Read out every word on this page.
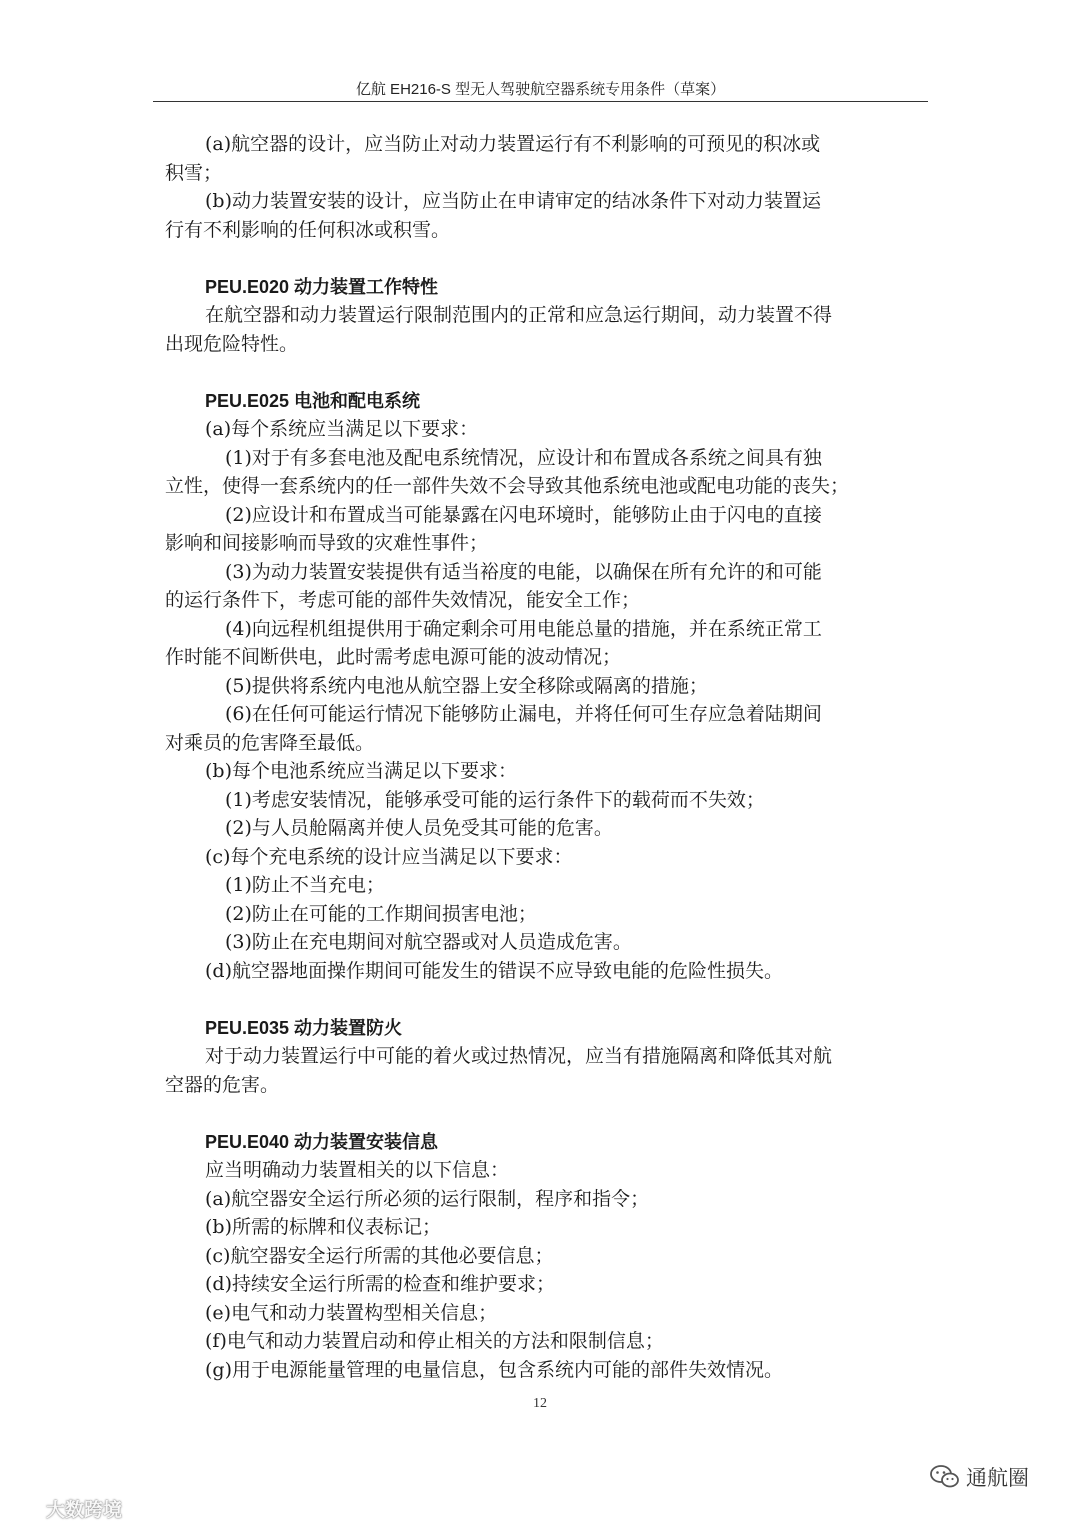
亿航 EH216-S 型无人驾驶航空器系统专用条件（草案）
(a)航空器的设计，应当防止对动力装置运行有不利影响的可预见的积冰或
积雪；
(b)动力装置安装的设计，应当防止在申请审定的结冰条件下对动力装置运
行有不利影响的任何积冰或积雪。
PEU.E020 动力装置工作特性
在航空器和动力装置运行限制范围内的正常和应急运行期间，动力装置不得
出现危险特性。
PEU.E025 电池和配电系统
(a)每个系统应当满足以下要求：
(1)对于有多套电池及配电系统情况，应设计和布置成各系统之间具有独
立性，使得一套系统内的任一部件失效不会导致其他系统电池或配电功能的丧失；
(2)应设计和布置成当可能暴露在闪电环境时，能够防止由于闪电的直接
影响和间接影响而导致的灾难性事件；
(3)为动力装置安装提供有适当裕度的电能，以确保在所有允许的和可能
的运行条件下，考虑可能的部件失效情况，能安全工作；
(4)向远程机组提供用于确定剩余可用电能总量的措施，并在系统正常工
作时能不间断供电，此时需考虑电源可能的波动情况；
(5)提供将系统内电池从航空器上安全移除或隔离的措施；
(6)在任何可能运行情况下能够防止漏电，并将任何可生存应急着陆期间
对乘员的危害降至最低。
(b)每个电池系统应当满足以下要求：
(1)考虑安装情况，能够承受可能的运行条件下的载荷而不失效；
(2)与人员舱隔离并使人员免受其可能的危害。
(c)每个充电系统的设计应当满足以下要求：
(1)防止不当充电；
(2)防止在可能的工作期间损害电池；
(3)防止在充电期间对航空器或对人员造成危害。
(d)航空器地面操作期间可能发生的错误不应导致电能的危险性损失。
PEU.E035 动力装置防火
对于动力装置运行中可能的着火或过热情况，应当有措施隔离和降低其对航
空器的危害。
PEU.E040 动力装置安装信息
应当明确动力装置相关的以下信息：
(a)航空器安全运行所必须的运行限制，程序和指令；
(b)所需的标牌和仪表标记；
(c)航空器安全运行所需的其他必要信息；
(d)持续安全运行所需的检查和维护要求；
(e)电气和动力装置构型相关信息；
(f)电气和动力装置启动和停止相关的方法和限制信息；
(g)用于电源能量管理的电量信息，包含系统内可能的部件失效情况。
12
大数跨境
通航圈
